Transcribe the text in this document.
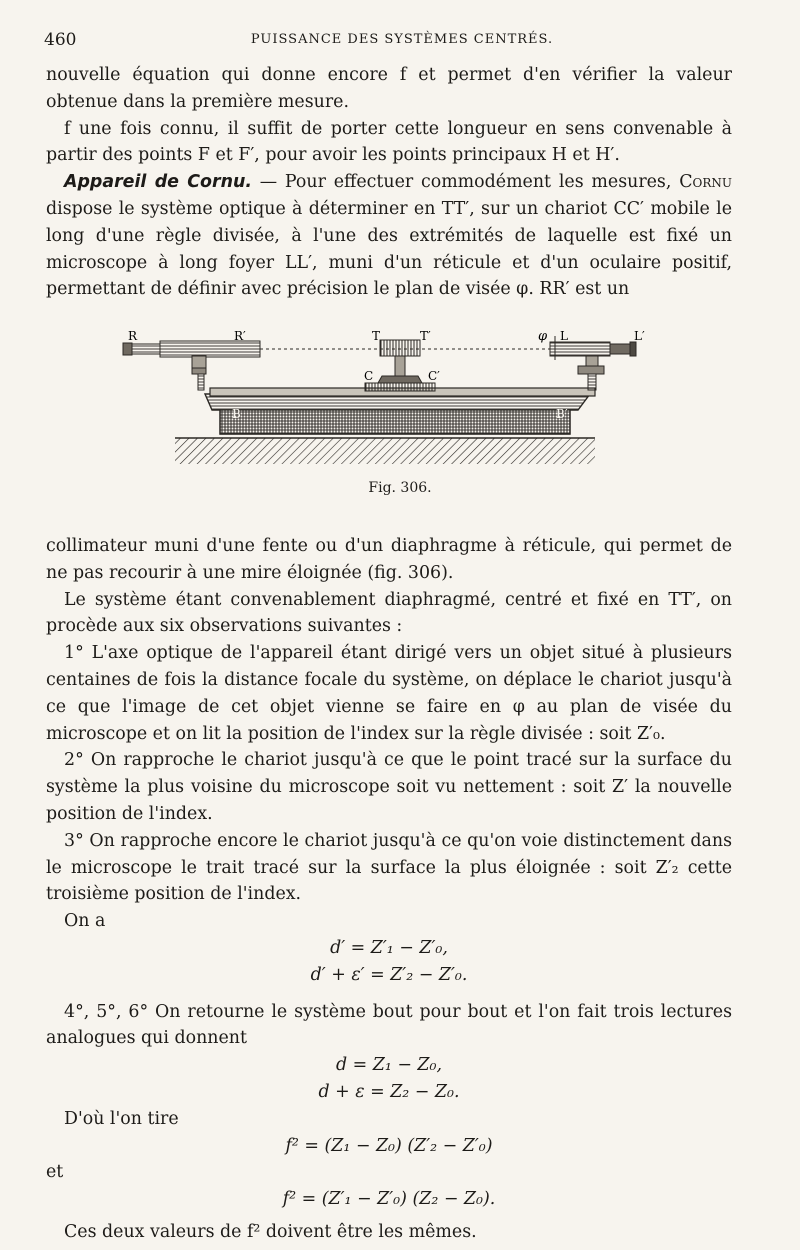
460	PUISSANCE DES SYSTÈMES CENTRÉS.

nouvelle équation qui donne encore f et permet d'en vérifier la valeur obtenue dans la première mesure.

f une fois connu, il suffit de porter cette longueur en sens convenable à partir des points F et F′, pour avoir les points principaux H et H′.

Appareil de Cornu. — Pour effectuer commodément les mesures, Cornu dispose le système optique à déterminer en TT′, sur un chariot CC′ mobile le long d'une règle divisée, à l'une des extrémités de laquelle est fixé un microscope à long foyer LL′, muni d'un réticule et d'un oculaire positif, permettant de définir avec précision le plan de visée φ. RR′ est un

R	R′	T	T′	φ L	L′
C	C′
B	B′
Fig. 306.

collimateur muni d'une fente ou d'un diaphragme à réticule, qui permet de ne pas recourir à une mire éloignée (fig. 306).

Le système étant convenablement diaphragmé, centré et fixé en TT′, on procède aux six observations suivantes :

1° L'axe optique de l'appareil étant dirigé vers un objet situé à plusieurs centaines de fois la distance focale du système, on déplace le chariot jusqu'à ce que l'image de cet objet vienne se faire en φ au plan de visée du microscope et on lit la position de l'index sur la règle divisée : soit Z′₀.

2° On rapproche le chariot jusqu'à ce que le point tracé sur la surface du système la plus voisine du microscope soit vu nettement : soit Z′ la nouvelle position de l'index.

3° On rapproche encore le chariot jusqu'à ce qu'on voie distinctement dans le microscope le trait tracé sur la surface la plus éloignée : soit Z′₂ cette troisième position de l'index.

On a

d′ = Z′₁ − Z′₀,

d′ + ε′ = Z′₂ − Z′₀.

4°, 5°, 6° On retourne le système bout pour bout et l'on fait trois lectures analogues qui donnent

d = Z₁ − Z₀,

d + ε = Z₂ − Z₀.

D'où l'on tire

f² = (Z₁ − Z₀) (Z′₂ − Z′₀)

et

f² = (Z′₁ − Z′₀) (Z₂ − Z₀).

Ces deux valeurs de f² doivent être les mêmes.
